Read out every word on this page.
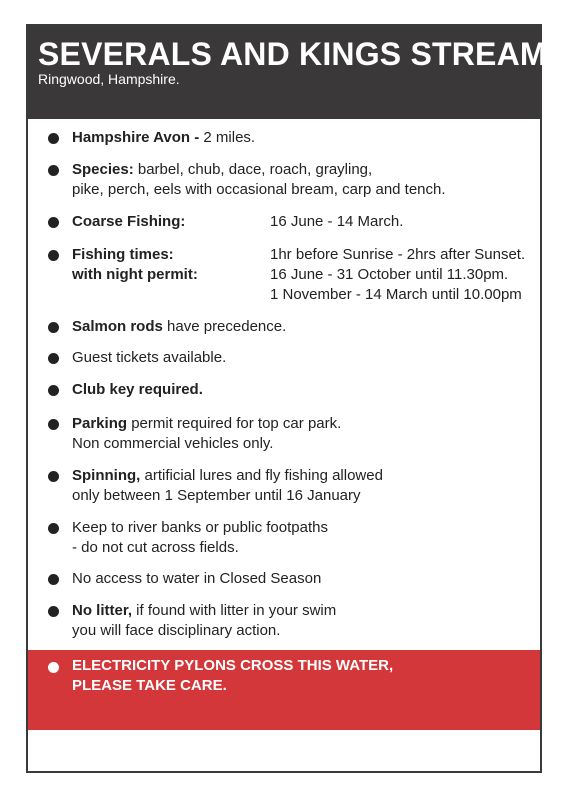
SEVERALS AND KINGS STREAM
Ringwood, Hampshire.
Hampshire Avon - 2 miles.
Species: barbel, chub, dace, roach, grayling,
pike, perch, eels with occasional bream, carp and tench.
Coarse Fishing:	16 June - 14 March.
Fishing times:	1hr before Sunrise - 2hrs after Sunset.
with night permit:	16 June - 31 October until 11.30pm.
1 November - 14 March until 10.00pm

Salmon rods have precedence.
Guest tickets available.
Club key required.
Parking permit required for top car park.
Non commercial vehicles only.
Spinning, artificial lures and fly fishing allowed
only between 1 September until 16 January
Keep to river banks or public footpaths
- do not cut across fields.
No access to water in Closed Season
No litter, if found with litter in your swim
you will face disciplinary action.
ELECTRICITY PYLONS CROSS THIS WATER,
PLEASE TAKE CARE.
